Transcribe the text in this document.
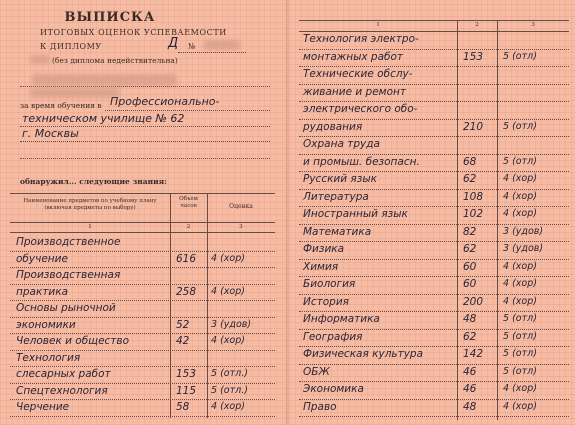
ВЫПИСКА
ИТОГОВЫХ ОЦЕНОК УСПЕВАЕМОСТИ
К ДИПЛОМУ	Д №
(без диплома недействительна)
за время обучения в Профессионально-
техническом училище № 62
г. Москвы
обнаружил... следующие знания:
Наименование предметов по учебному плану (включая предметы по выбору)
Объем часов	Оценка
1	2	3
Производственное
обучение	616 4 (хор)
Производственная
практика	258 4 (хор)
Основы рыночной
экономики	52 3 (удов)
Человек и общество	42 4 (хор)
Технология
слесарных работ	153 5 (отл.)
Спецтехнология	115 5 (отл.)
Черчение	58 4 (хор)
1	2	3
Технология электро-
монтажных работ	153 5 (отл)
Технические обслу-
живание и ремонт
электрического обо-
рудования	210 5 (отл)
Охрана труда
и промыш. безопасн.	68	5 (отл)
Русский язык	62	4 (хор)
Литература	108 4 (хор)
Иностранный язык	102 4 (хор)
Математика	82	3 (удов)
Физика	62	3 (удов)
Химия	60	4 (хор)
Биология	60	4 (хор)
История	200 4 (хор)
Информатика	48	5 (отл)
География	62	5 (отл)
Физическая культура	142 5 (отл)
ОБЖ	46	5 (отл)
Экономика	46	4 (хор)
Право	48	4 (хор)
